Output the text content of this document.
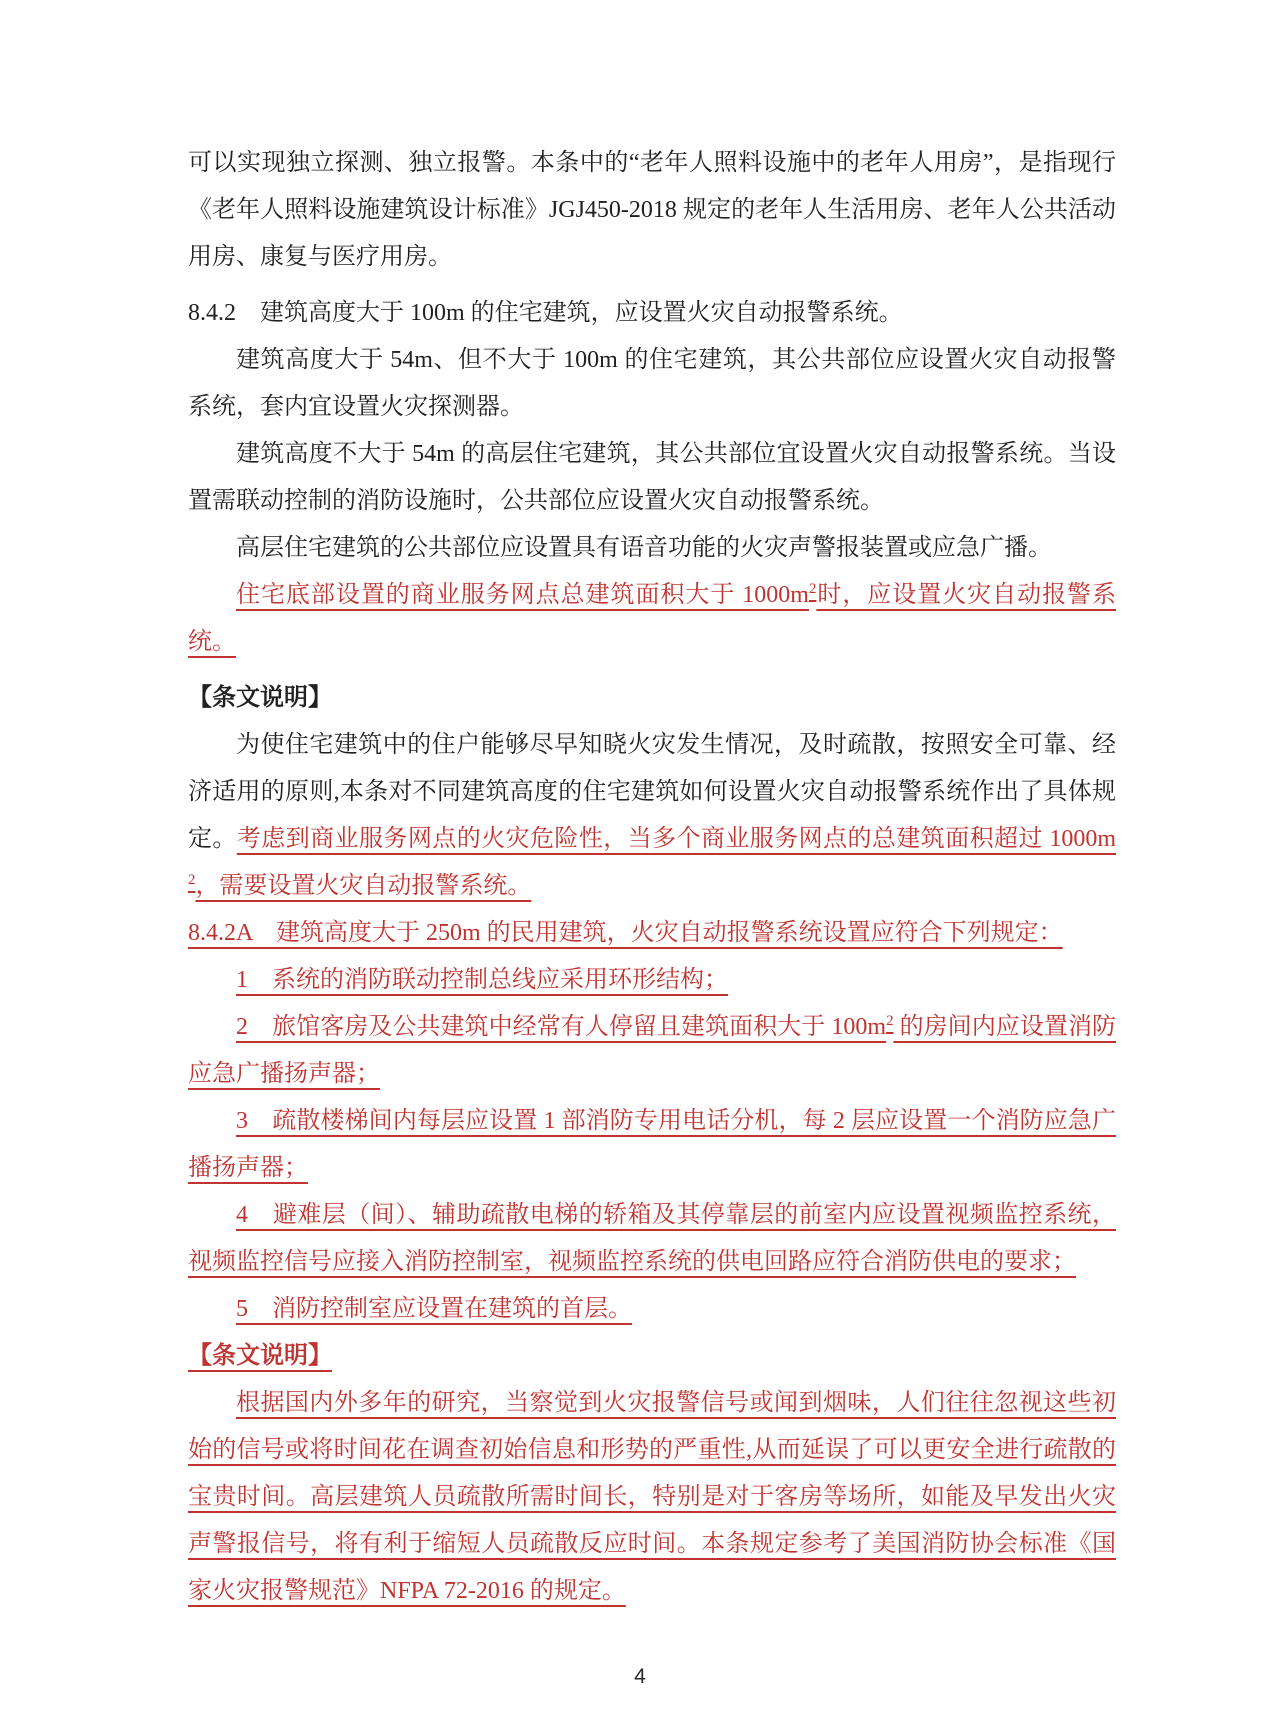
可以实现独立探测、独立报警。本条中的“老年人照料设施中的老年人用房”，是指现行《老年人照料设施建筑设计标准》JGJ450-2018 规定的老年人生活用房、老年人公共活动用房、康复与医疗用房。

8.4.2　建筑高度大于 100m 的住宅建筑，应设置火灾自动报警系统。

建筑高度大于 54m、但不大于 100m 的住宅建筑，其公共部位应设置火灾自动报警系统，套内宜设置火灾探测器。

建筑高度不大于 54m 的高层住宅建筑，其公共部位宜设置火灾自动报警系统。当设置需联动控制的消防设施时，公共部位应设置火灾自动报警系统。

高层住宅建筑的公共部位应设置具有语音功能的火灾声警报装置或应急广播。

住宅底部设置的商业服务网点总建筑面积大于 $1000m^2$时，应设置火灾自动报警系统。

【条文说明】

为使住宅建筑中的住户能够尽早知晓火灾发生情况，及时疏散，按照安全可靠、经济适用的原则,本条对不同建筑高度的住宅建筑如何设置火灾自动报警系统作出了具体规定。考虑到商业服务网点的火灾危险性，当多个商业服务网点的总建筑面积超过 $1000m^2$，需要设置火灾自动报警系统。

8.4.2A　建筑高度大于 250m 的民用建筑，火灾自动报警系统设置应符合下列规定：

1　系统的消防联动控制总线应采用环形结构；

2　旅馆客房及公共建筑中经常有人停留且建筑面积大于 $100m^2$ 的房间内应设置消防应急广播扬声器；

3　疏散楼梯间内每层应设置 1 部消防专用电话分机，每 2 层应设置一个消防应急广播扬声器；

4　避难层（间）、辅助疏散电梯的轿箱及其停靠层的前室内应设置视频监控系统，视频监控信号应接入消防控制室，视频监控系统的供电回路应符合消防供电的要求；

5　消防控制室应设置在建筑的首层。

【条文说明】

根据国内外多年的研究，当察觉到火灾报警信号或闻到烟味，人们往往忽视这些初始的信号或将时间花在调查初始信息和形势的严重性,从而延误了可以更安全进行疏散的宝贵时间。高层建筑人员疏散所需时间长，特别是对于客房等场所，如能及早发出火灾声警报信号，将有利于缩短人员疏散反应时间。本条规定参考了美国消防协会标准《国家火灾报警规范》NFPA 72-2016 的规定。

4
